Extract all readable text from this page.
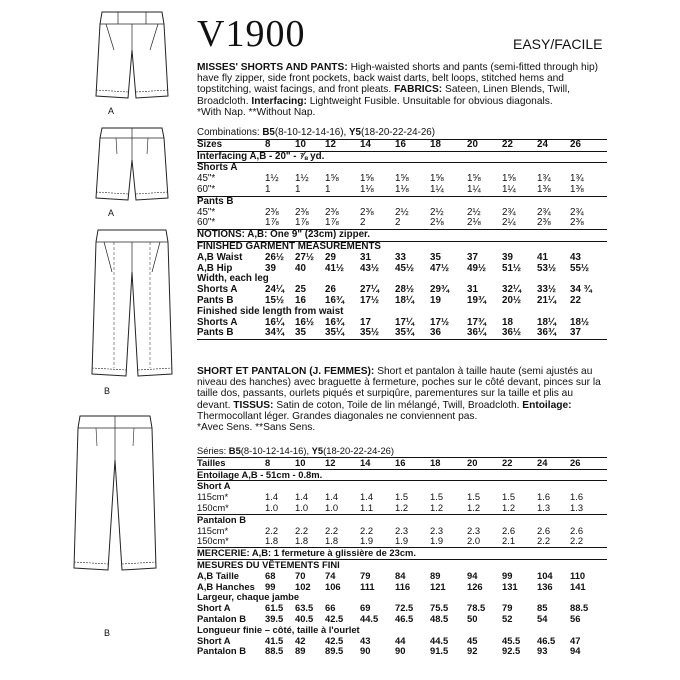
A
A
B
B
V1900	EASY/FACILE
MISSES' SHORTS AND PANTS: High-waisted shorts and pants (semi-fitted through hip) have fly zipper, side front pockets, back waist darts, belt loops, stitched hems and topstitching, waist facings, and front pleats. FABRICS: Sateen, Linen Blends, Twill, Broadcloth. Interfacing: Lightweight Fusible. Unsuitable for obvious diagonals.
*With Nap. **Without Nap.
Combinations: B5(8-10-12-14-16), Y5(18-20-22-24-26)
Sizes	8	10	12	14	16	18	20	22	24	26
Interfacing A,B - 20" - ⅞ yd.
Shorts A
45"*	1½	1½	1⅝	1⅝	1⅝	1⅝	1⅝	1⅝	1¾	1¾
60"*	1	1	1	1⅛	1⅛	1¼	1¼	1¼	1⅜	1⅜
Pants B
45"*	2⅜	2⅜	2⅜	2⅜	2½	2½	2½	2¾	2¾	2¾
60"*	1⅞	1⅞	1⅞	2	2	2⅛	2⅛	2¼	2⅜	2⅜
NOTIONS: A,B: One 9" (23cm) zipper.
FINISHED GARMENT MEASUREMENTS
A,B Waist 26½	27½	29	31	33	35	37	39	41	43
A,B Hip	39	40	41½	43½	45½	47½	49½	51½	53½	55½
Width, each leg
Shorts A	24¼	25	26	27¼	28½	29¾	31	32¼	33½	34 ¾
Pants B	15½	16	16¾	17½	18¼	19	19¾	20½	21¼	22
Finished side length from waist
Shorts A	16¼	16½	16¾	17	17¼	17½	17¾	18	18¼	18½
Pants B	34¾	35	35¼	35½	35¾	36	36¼	36½	36¾	37
SHORT ET PANTALON (J. FEMMES): Short et pantalon à taille haute (semi ajustés au niveau des hanches) avec braguette à fermeture, poches sur le côté devant, pinces sur la taille dos, passants, ourlets piqués et surpiqûre, parementures sur la taille et plis au devant. TISSUS: Satin de coton, Toile de lin mélangé, Twill, Broadcloth. Entoilage: Thermocollant léger. Grandes diagonales ne conviennent pas.
*Avec Sens. **Sans Sens.
Séries: B5(8-10-12-14-16), Y5(18-20-22-24-26)
Tailles	8	10	12	14	16	18	20	22	24	26
Entoilage A,B - 51cm - 0.8m.
Short A
115cm*	1.4	1.4	1.4	1.4	1.5	1.5	1.5	1.5	1.6	1.6
150cm*	1.0	1.0	1.0	1.1	1.2	1.2	1.2	1.2	1.3	1.3
Pantalon B
115cm*	2.2	2.2	2.2	2.2	2.3	2.3	2.3	2.6	2.6	2.6
150cm*	1.8	1.8	1.8	1.9	1.9	1.9	2.0	2.1	2.2	2.2
MERCERIE: A,B: 1 fermeture à glissière de 23cm.
MESURES DU VÊTEMENTS FINI
A,B Taille	68	70	74	79	84	89	94	99	104	110
A,B Hanches 99	102	106	111	116	121	126	131	136	141
Largeur, chaque jambe
Short A	61.5	63.5	66	69	72.5	75.5	78.5	79	85	88.5
Pantalon B 39.5	40.5	42.5	44.5	46.5	48.5	50	52	54	56
Longueur finie – côté, taille à l'ourlet
Short A	41.5	42	42.5	43	44	44.5	45	45.5	46.5	47
Pantalon B 88.5	89	89.5	90	90	91.5	92	92.5	93	94
